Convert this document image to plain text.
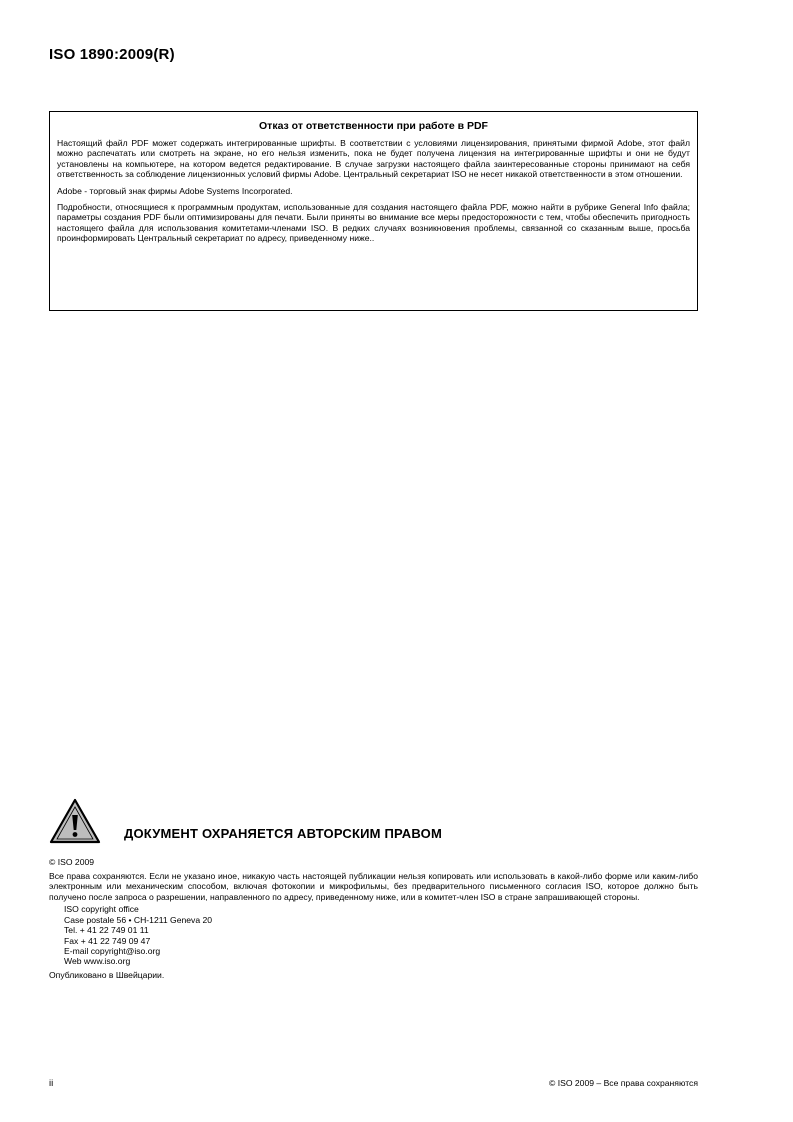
ISO 1890:2009(R)
Отказ от ответственности при работе в PDF

Настоящий файл PDF может содержать интегрированные шрифты. В соответствии с условиями лицензирования, принятыми фирмой Adobe, этот файл можно распечатать или смотреть на экране, но его нельзя изменить, пока не будет получена лицензия на интегрированные шрифты и они не будут установлены на компьютере, на котором ведется редактирование. В случае загрузки настоящего файла заинтересованные стороны принимают на себя ответственность за соблюдение лицензионных условий фирмы Adobe. Центральный секретариат ISO не несет никакой ответственности в этом отношении.

Adobe - торговый знак фирмы Adobe Systems Incorporated.

Подробности, относящиеся к программным продуктам, использованные для создания настоящего файла PDF, можно найти в рубрике General Info файла; параметры создания PDF были оптимизированы для печати. Были приняты во внимание все меры предосторожности с тем, чтобы обеспечить пригодность настоящего файла для использования комитетами-членами ISO. В редких случаях возникновения проблемы, связанной со сказанным выше, просьба проинформировать Центральный секретариат по адресу, приведенному ниже..

ДОКУМЕНТ ОХРАНЯЕТСЯ АВТОРСКИМ ПРАВОМ
© ISO 2009
Все права сохраняются. Если не указано иное, никакую часть настоящей публикации нельзя копировать или использовать в какой-либо форме или каким-либо электронным или механическим способом, включая фотокопии и микрофильмы, без предварительного письменного согласия ISO, которое должно быть получено после запроса о разрешении, направленного по адресу, приведенному ниже, или в комитет-член ISO в стране запрашивающей стороны.
ISO copyright office
Case postale 56 • CH-1211 Geneva 20
Tel. + 41 22 749 01 11
Fax + 41 22 749 09 47
E-mail copyright@iso.org
Web www.iso.org
Опубликовано в Швейцарии.
ii	© ISO 2009 – Все права сохраняются
